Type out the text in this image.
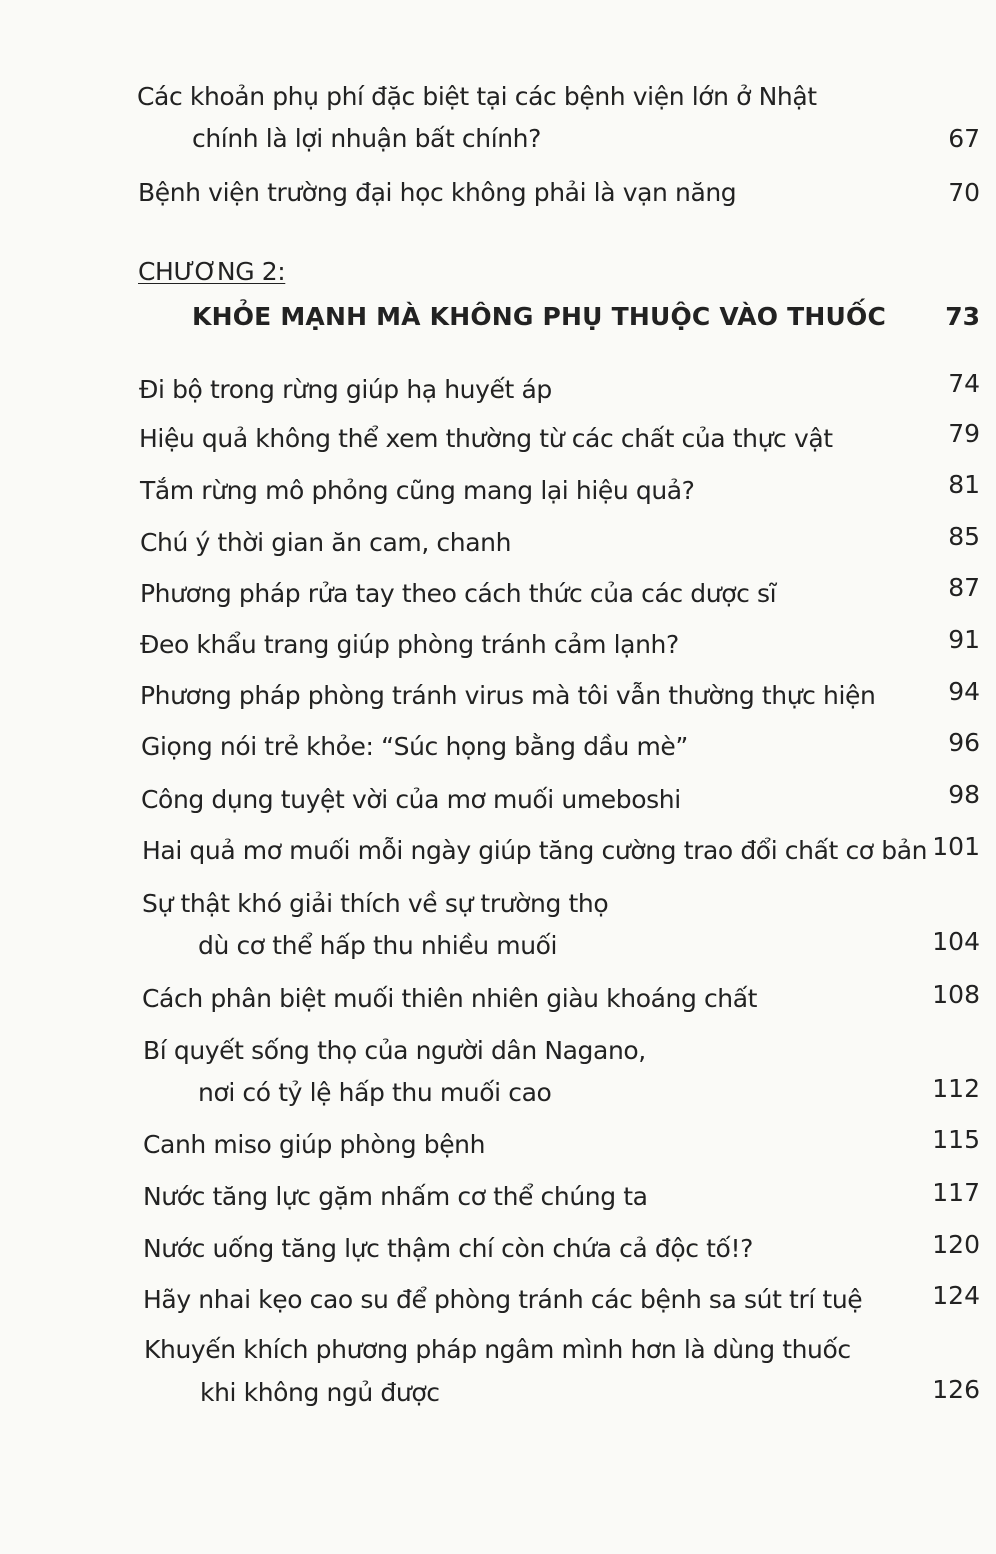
Các khoản phụ phí đặc biệt tại các bệnh viện lớn ở Nhật
chính là lợi nhuận bất chính?	67
Bệnh viện trường đại học không phải là vạn năng	70
CHƯƠNG 2:
KHỎE MẠNH MÀ KHÔNG PHỤ THUỘC VÀO THUỐC 73
Đi bộ trong rừng giúp hạ huyết áp	74
Hiệu quả không thể xem thường từ các chất của thực vật	79
Tắm rừng mô phỏng cũng mang lại hiệu quả?	81
Chú ý thời gian ăn cam, chanh	85
Phương pháp rửa tay theo cách thức của các dược sĩ	87
Đeo khẩu trang giúp phòng tránh cảm lạnh?	91
Phương pháp phòng tránh virus mà tôi vẫn thường thực hiện	94
Giọng nói trẻ khỏe: “Súc họng bằng dầu mè”	96
Công dụng tuyệt vời của mơ muối umeboshi	98
Hai quả mơ muối mỗi ngày giúp tăng cường trao đổi chất cơ bản 101
Sự thật khó giải thích về sự trường thọ
dù cơ thể hấp thu nhiều muối	104
Cách phân biệt muối thiên nhiên giàu khoáng chất	108
Bí quyết sống thọ của người dân Nagano,
nơi có tỷ lệ hấp thu muối cao	112
Canh miso giúp phòng bệnh	115
Nước tăng lực gặm nhấm cơ thể chúng ta	117
Nước uống tăng lực thậm chí còn chứa cả độc tố!?	120
Hãy nhai kẹo cao su để phòng tránh các bệnh sa sút trí tuệ	124
Khuyến khích phương pháp ngâm mình hơn là dùng thuốc
khi không ngủ được	126
